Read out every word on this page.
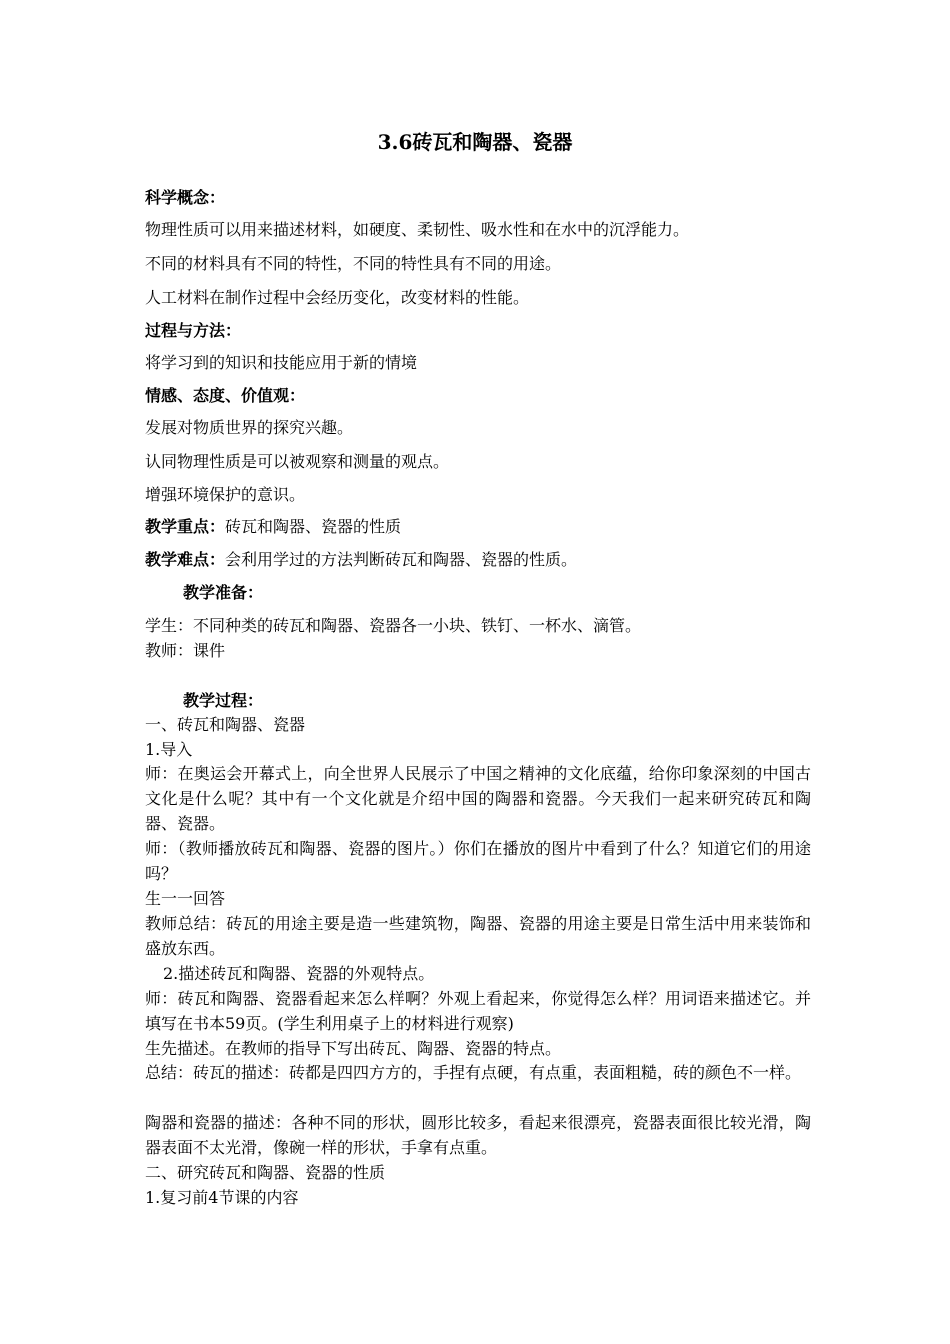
3.6砖瓦和陶器、瓷器
科学概念：
物理性质可以用来描述材料，如硬度、柔韧性、吸水性和在水中的沉浮能力。
不同的材料具有不同的特性，不同的特性具有不同的用途。
人工材料在制作过程中会经历变化，改变材料的性能。
过程与方法：
将学习到的知识和技能应用于新的情境
情感、态度、价值观：
发展对物质世界的探究兴趣。
认同物理性质是可以被观察和测量的观点。
增强环境保护的意识。
教学重点：砖瓦和陶器、瓷器的性质
教学难点：会利用学过的方法判断砖瓦和陶器、瓷器的性质。
教学准备：
学生：不同种类的砖瓦和陶器、瓷器各一小块、铁钉、一杯水、滴管。
教师：课件
教学过程：
一、砖瓦和陶器、瓷器
1.导入
师：在奥运会开幕式上，向全世界人民展示了中国之精神的文化底蕴，给你印象深刻的中国古文化是什么呢？其中有一个文化就是介绍中国的陶器和瓷器。今天我们一起来研究砖瓦和陶器、瓷器。
师：（教师播放砖瓦和陶器、瓷器的图片。）你们在播放的图片中看到了什么？知道它们的用途吗？
生一一回答
教师总结：砖瓦的用途主要是造一些建筑物，陶器、瓷器的用途主要是日常生活中用来装饰和盛放东西。
2.描述砖瓦和陶器、瓷器的外观特点。
师：砖瓦和陶器、瓷器看起来怎么样啊？外观上看起来，你觉得怎么样？用词语来描述它。并填写在书本59页。(学生利用桌子上的材料进行观察)
生先描述。在教师的指导下写出砖瓦、陶器、瓷器的特点。
总结：砖瓦的描述：砖都是四四方方的，手捏有点硬，有点重，表面粗糙，砖的颜色不一样。
陶器和瓷器的描述：各种不同的形状，圆形比较多，看起来很漂亮，瓷器表面很比较光滑，陶器表面不太光滑，像碗一样的形状，手拿有点重。
二、研究砖瓦和陶器、瓷器的性质
1.复习前4节课的内容
